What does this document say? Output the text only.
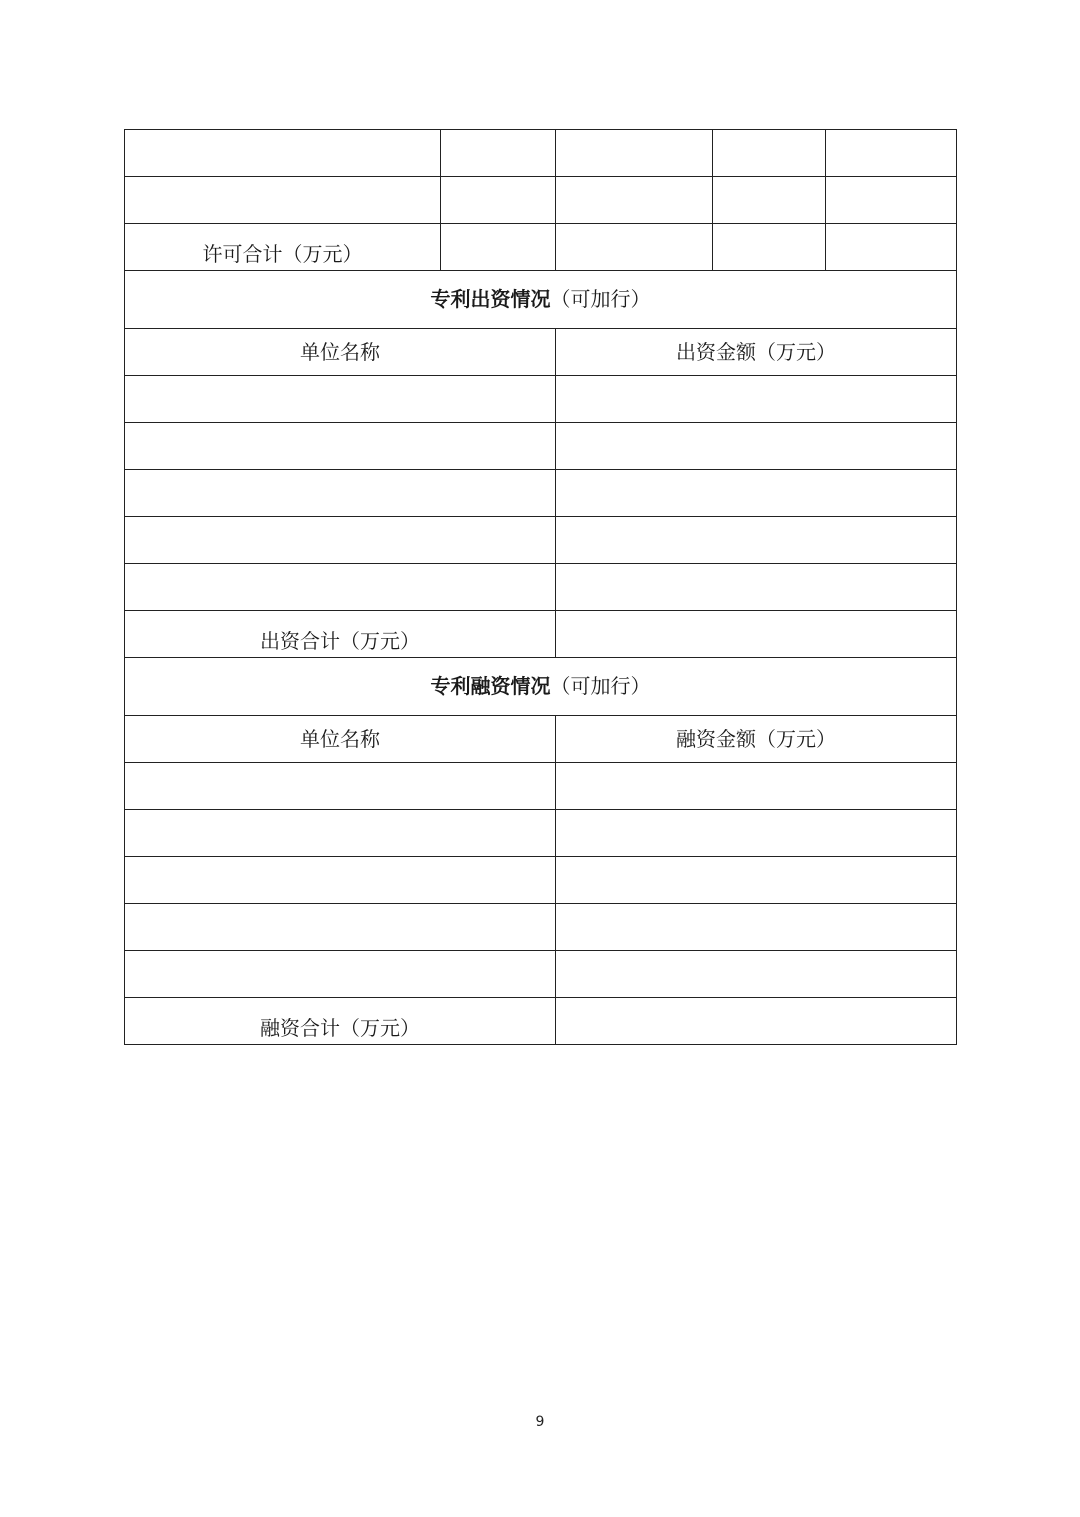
许可合计（万元）				
专利出资情况（可加行）				
单位名称		出资金额（万元）		

出资合计（万元）				
专利融资情况（可加行）				
单位名称		融资金额（万元）		

融资合计（万元）				
9
